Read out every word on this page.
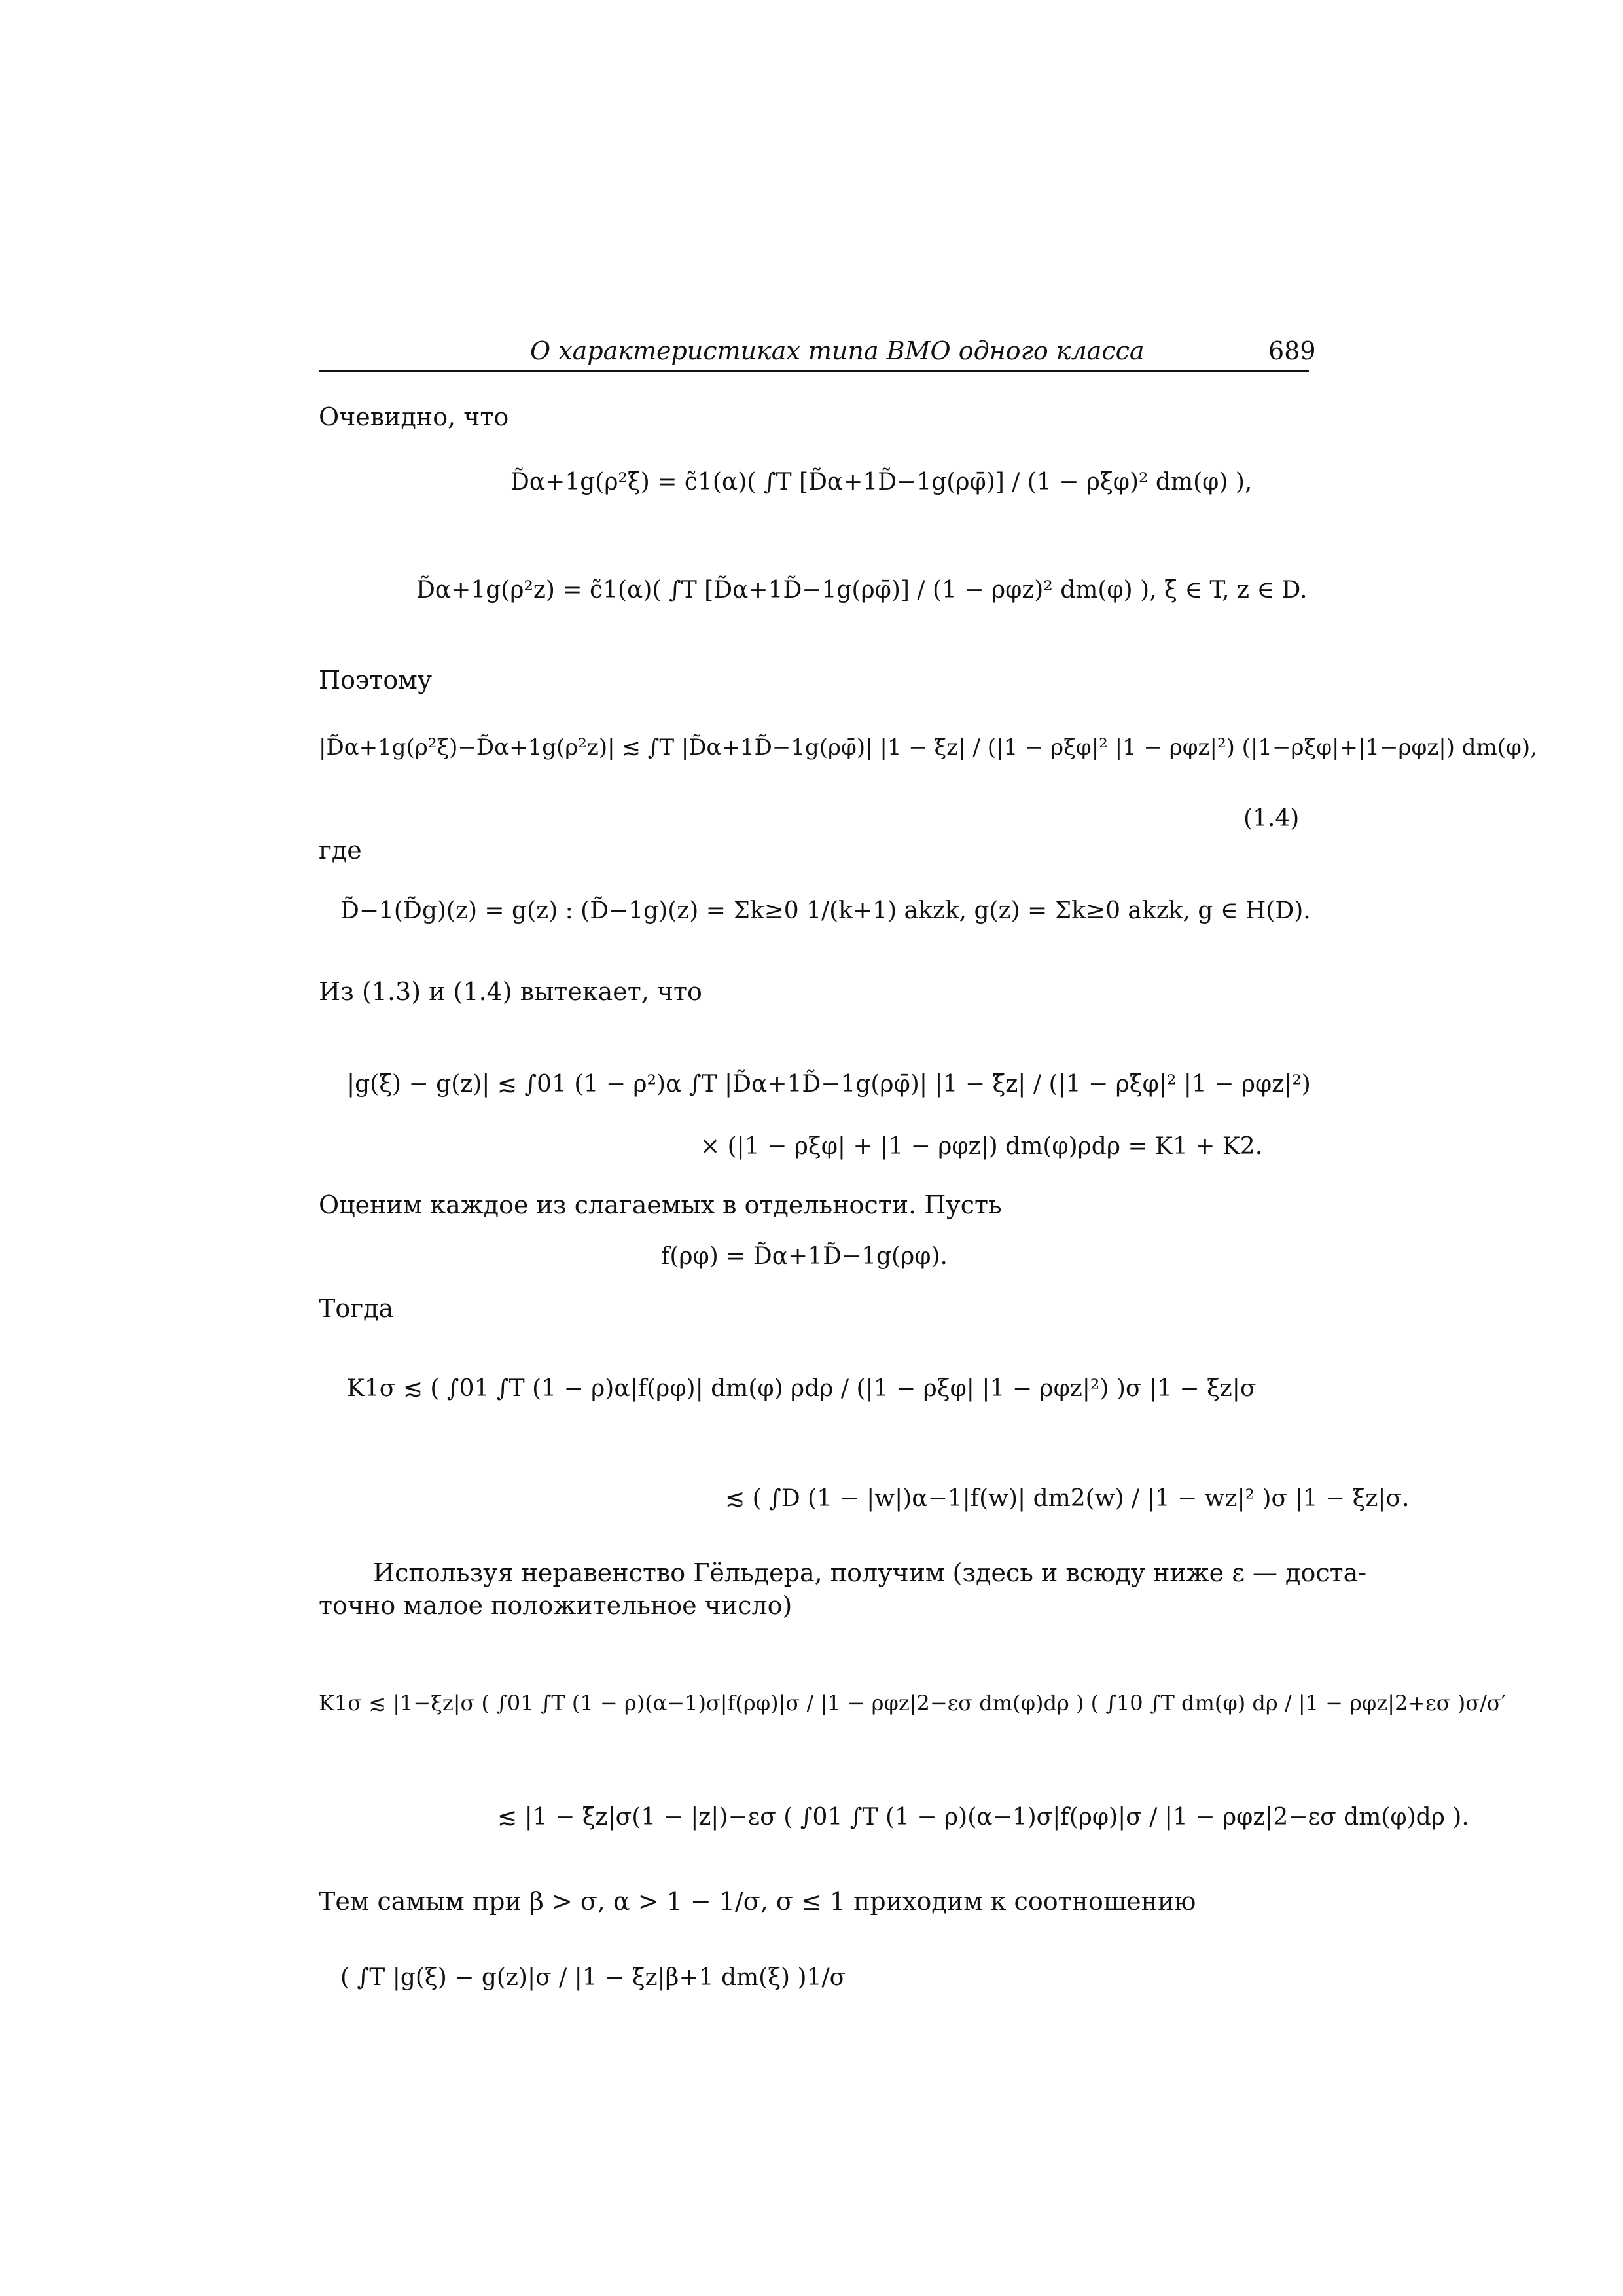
О характеристиках типа ВМО одного класса	689
Очевидно, что
D̃α+1g(ρ²ξ) = c̃1(α)( ∫T [D̃α+1D̃−1g(ρφ̄)] / (1 − ρξφ)² dm(φ) ),
D̃α+1g(ρ²z) = c̃1(α)( ∫T [D̃α+1D̃−1g(ρφ̄)] / (1 − ρφz)² dm(φ) ), ξ ∈ T, z ∈ D.
Поэтому
|D̃α+1g(ρ²ξ)−D̃α+1g(ρ²z)| ≲ ∫T |D̃α+1D̃−1g(ρφ̄)| |1 − ξ̄z| / (|1 − ρξφ|² |1 − ρφz|²) (|1−ρξφ|+|1−ρφz|) dm(φ),
(1.4)
где
D̃−1(D̃g)(z) = g(z) : (D̃−1g)(z) = Σk≥0 1/(k+1) akzk, g(z) = Σk≥0 akzk, g ∈ H(D).
Из (1.3) и (1.4) вытекает, что
|g(ξ) − g(z)| ≲ ∫01 (1 − ρ²)α ∫T |D̃α+1D̃−1g(ρφ̄)| |1 − ξ̄z| / (|1 − ρξφ|² |1 − ρφz|²)
× (|1 − ρξφ| + |1 − ρφz|) dm(φ)ρdρ = K1 + K2.
Оценим каждое из слагаемых в отдельности. Пусть
f(ρφ) = D̃α+1D̃−1g(ρφ).
Тогда
K1σ ≲ ( ∫01 ∫T (1 − ρ)α|f(ρφ)| dm(φ) ρdρ / (|1 − ρξφ| |1 − ρφz|²) )σ |1 − ξ̄z|σ
≲ ( ∫D (1 − |w|)α−1|f(w)| dm2(w) / |1 − wz|² )σ |1 − ξ̄z|σ.
Используя неравенство Гёльдера, получим (здесь и всюду ниже ε — доста-
точно малое положительное число)
K1σ ≲ |1−ξ̄z|σ ( ∫01 ∫T (1 − ρ)(α−1)σ|f(ρφ)|σ / |1 − ρφz|2−εσ dm(φ)dρ ) ( ∫10 ∫T dm(φ) dρ / |1 − ρφz|2+εσ )σ/σ′
≲ |1 − ξ̄z|σ(1 − |z|)−εσ ( ∫01 ∫T (1 − ρ)(α−1)σ|f(ρφ)|σ / |1 − ρφz|2−εσ dm(φ)dρ ).
Тем самым при β > σ, α > 1 − 1/σ, σ ≤ 1 приходим к соотношению
( ∫T |g(ξ) − g(z)|σ / |1 − ξ̄z|β+1 dm(ξ) )1/σ
